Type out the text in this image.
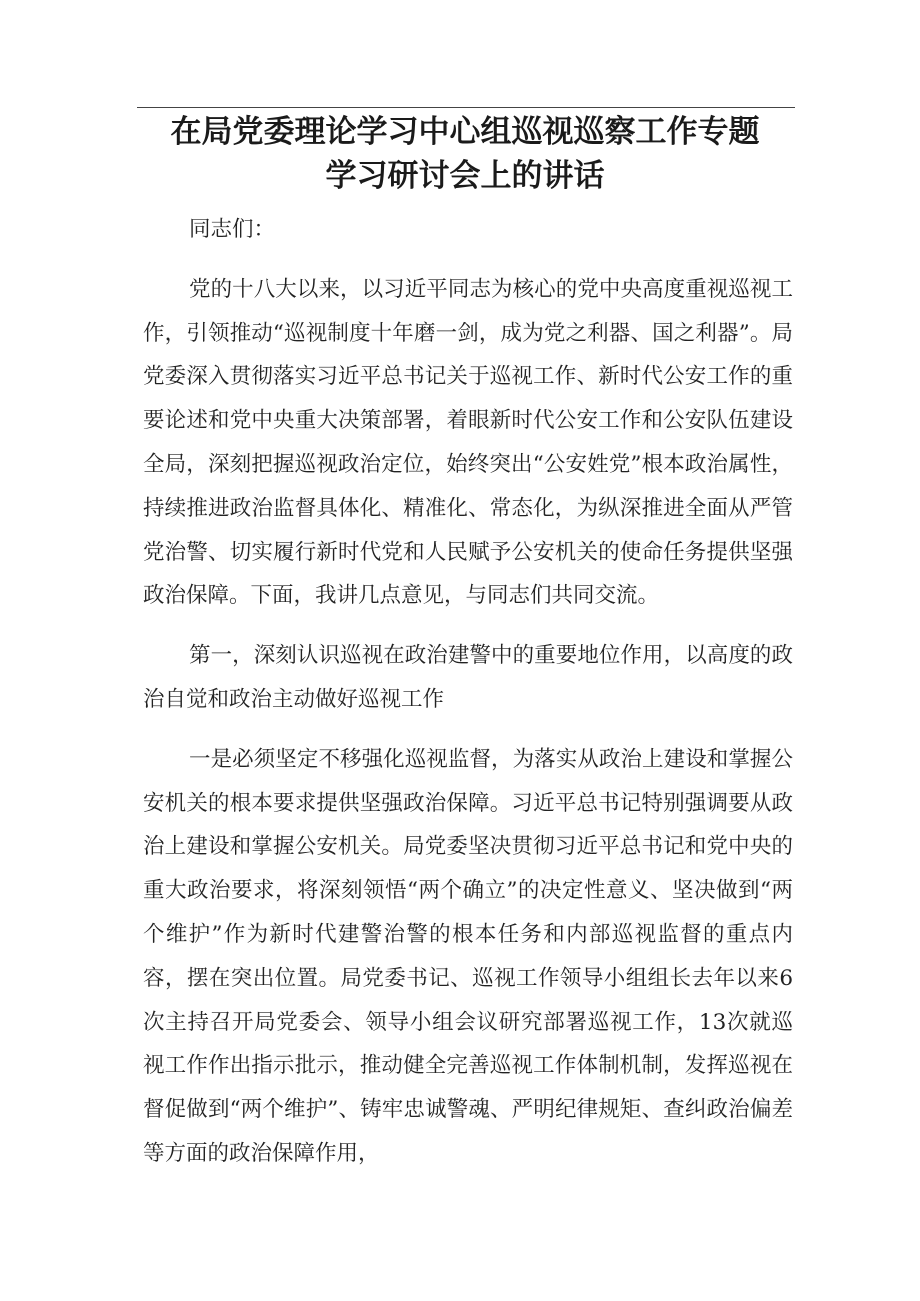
在局党委理论学习中心组巡视巡察工作专题
学习研讨会上的讲话

同志们：

党的十八大以来，以习近平同志为核心的党中央高度重视巡视工作，引领推动“巡视制度十年磨一剑，成为党之利器、国之利器”。局党委深入贯彻落实习近平总书记关于巡视工作、新时代公安工作的重要论述和党中央重大决策部署，着眼新时代公安工作和公安队伍建设全局，深刻把握巡视政治定位，始终突出“公安姓党”根本政治属性，持续推进政治监督具体化、精准化、常态化，为纵深推进全面从严管党治警、切实履行新时代党和人民赋予公安机关的使命任务提供坚强政治保障。下面，我讲几点意见，与同志们共同交流。

第一，深刻认识巡视在政治建警中的重要地位作用，以高度的政治自觉和政治主动做好巡视工作

一是必须坚定不移强化巡视监督，为落实从政治上建设和掌握公安机关的根本要求提供坚强政治保障。习近平总书记特别强调要从政治上建设和掌握公安机关。局党委坚决贯彻习近平总书记和党中央的重大政治要求，将深刻领悟“两个确立”的决定性意义、坚决做到“两个维护”作为新时代建警治警的根本任务和内部巡视监督的重点内容，摆在突出位置。局党委书记、巡视工作领导小组组长去年以来6次主持召开局党委会、领导小组会议研究部署巡视工作，13次就巡视工作作出指示批示，推动健全完善巡视工作体制机制，发挥巡视在督促做到“两个维护”、铸牢忠诚警魂、严明纪律规矩、查纠政治偏差等方面的政治保障作用，
